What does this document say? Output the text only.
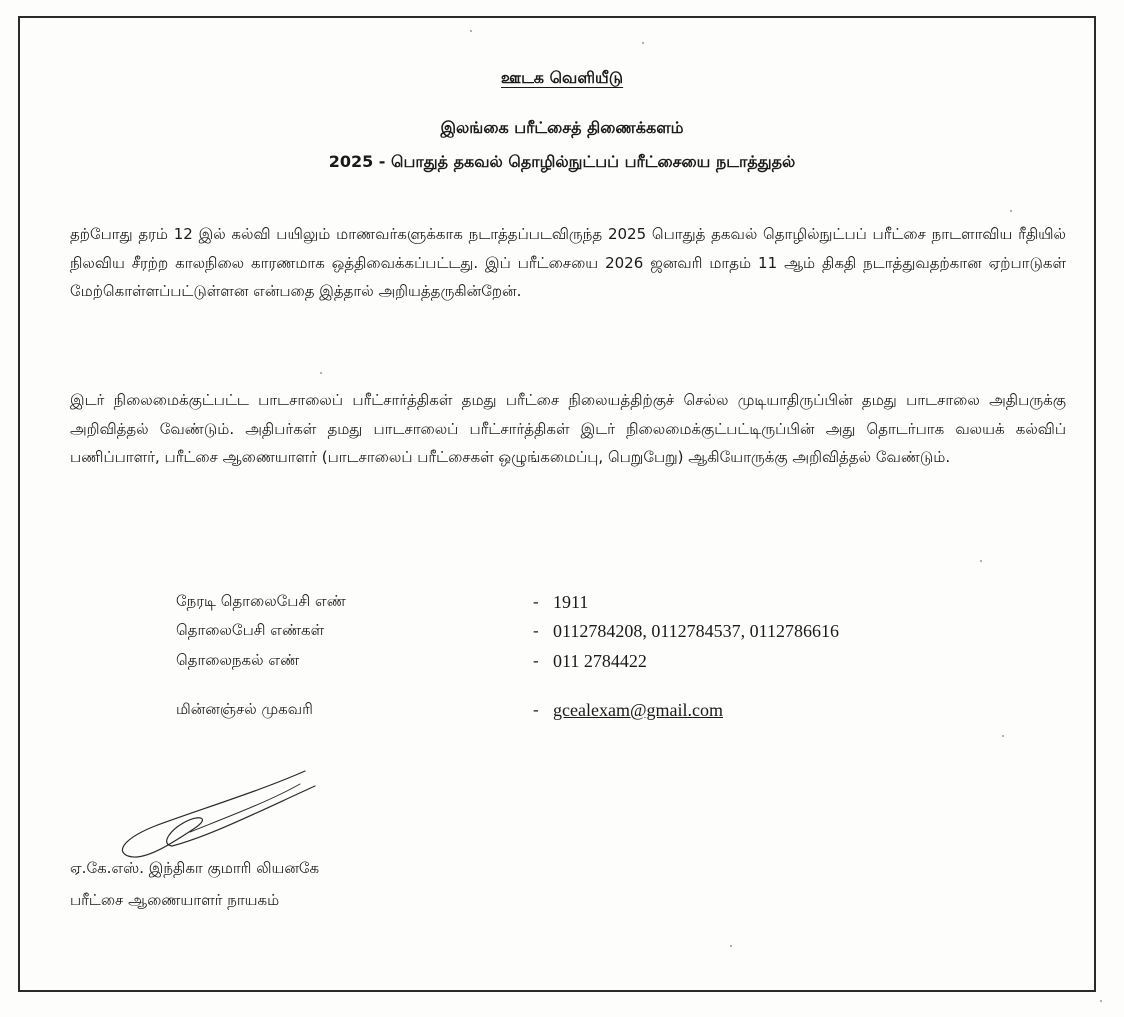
ஊடக வெளியீடு
இலங்கை பரீட்சைத் திணைக்களம்
2025 - பொதுத் தகவல் தொழில்நுட்பப் பரீட்சையை நடாத்துதல்

தற்போது தரம் 12 இல் கல்வி பயிலும் மாணவர்களுக்காக நடாத்தப்படவிருந்த 2025 பொதுத் தகவல் தொழில்நுட்பப் பரீட்சை நாடளாவிய ரீதியில் நிலவிய சீரற்ற காலநிலை காரணமாக ஒத்திவைக்கப்பட்டது. இப் பரீட்சையை 2026 ஜனவரி மாதம் 11 ஆம் திகதி நடாத்துவதற்கான ஏற்பாடுகள் மேற்கொள்ளப்பட்டுள்ளன என்பதை இத்தால் அறியத்தருகின்றேன்.

இடர் நிலைமைக்குட்பட்ட பாடசாலைப் பரீட்சார்த்திகள் தமது பரீட்சை நிலையத்திற்குச் செல்ல முடியாதிருப்பின் தமது பாடசாலை அதிபருக்கு அறிவித்தல் வேண்டும். அதிபர்கள் தமது பாடசாலைப் பரீட்சார்த்திகள் இடர் நிலைமைக்குட்பட்டிருப்பின் அது தொடர்பாக வலயக் கல்விப் பணிப்பாளர், பரீட்சை ஆணையாளர் (பாடசாலைப் பரீட்சைகள் ஒழுங்கமைப்பு, பெறுபேறு) ஆகியோருக்கு அறிவித்தல் வேண்டும்.

நேரடி தொலைபேசி எண்	- 1911
தொலைபேசி எண்கள்	- 0112784208, 0112784537, 0112786616
தொலைநகல் எண்	- 011 2784422
மின்னஞ்சல் முகவரி	- gcealexam@gmail.com
ஏ.கே.எஸ். இந்திகா குமாரி லியனகே
பரீட்சை ஆணையாளர் நாயகம்
